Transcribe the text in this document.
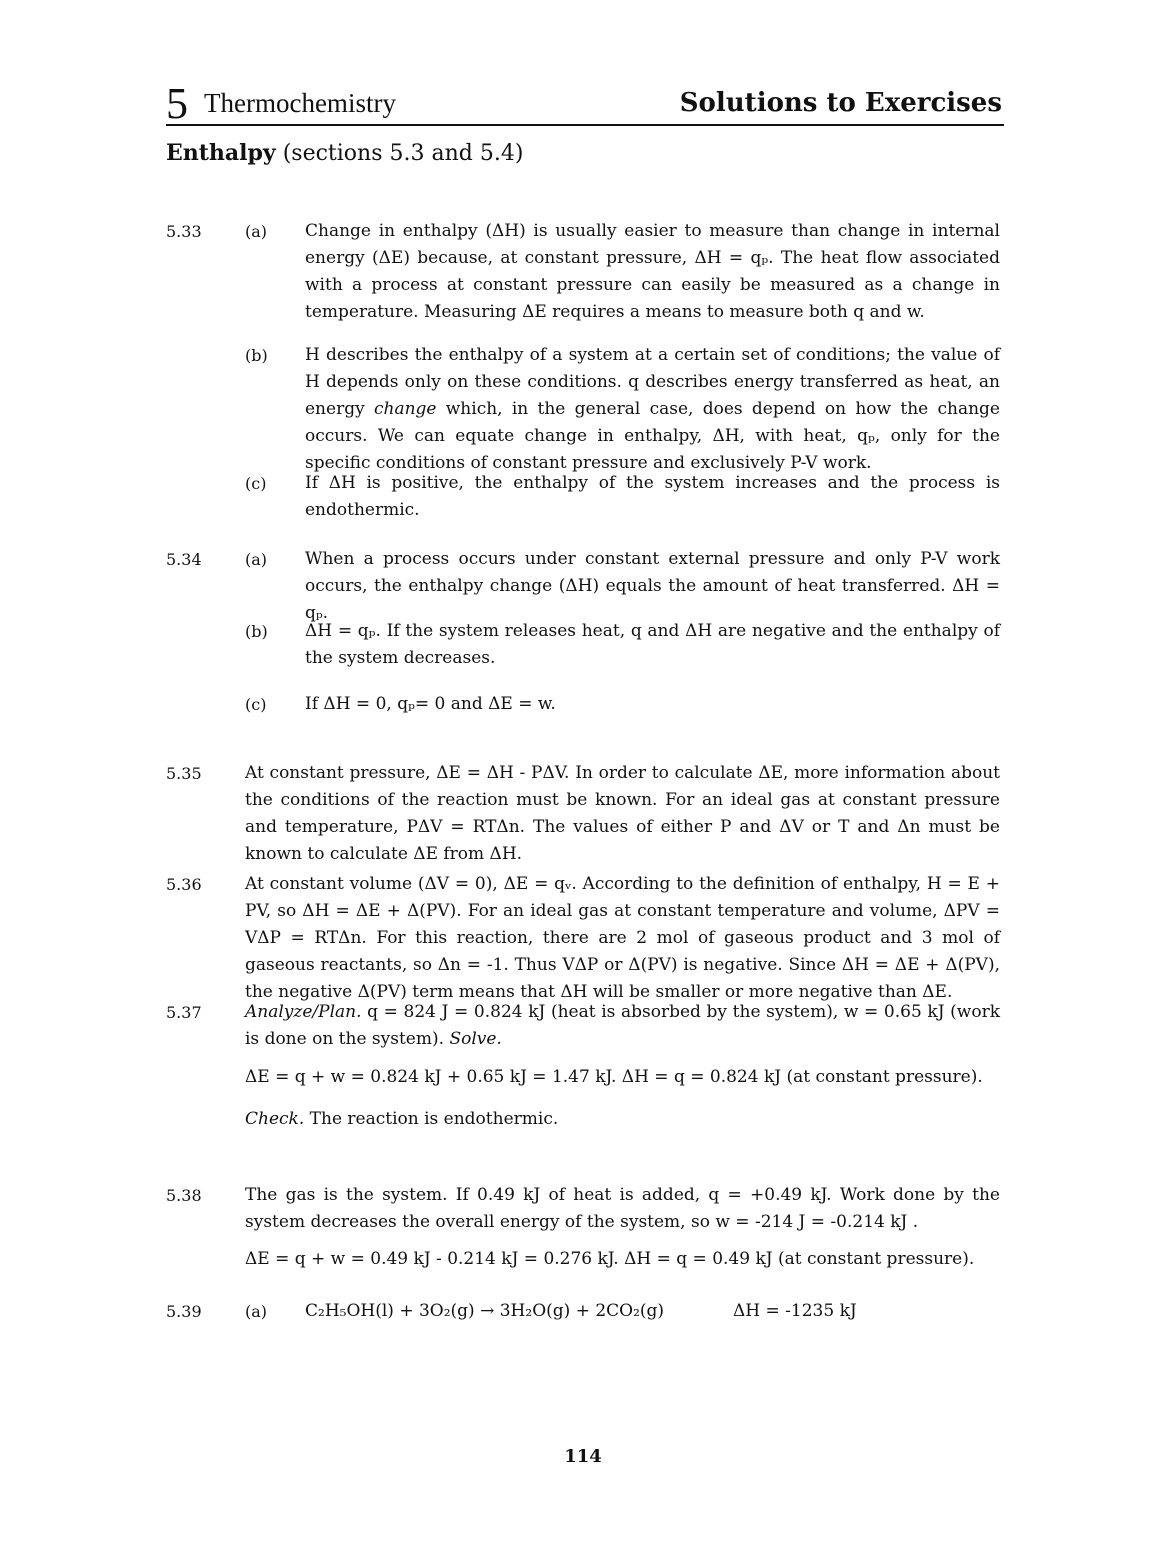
5 Thermochemistry	Solutions to Exercises
Enthalpy (sections 5.3 and 5.4)
5.33	(a) Change in enthalpy (ΔH) is usually easier to measure than change in internal energy (ΔE) because, at constant pressure, ΔH = qₚ. The heat flow associated with a process at constant pressure can easily be measured as a change in temperature. Measuring ΔE requires a means to measure both q and w.
(b) H describes the enthalpy of a system at a certain set of conditions; the value of H depends only on these conditions. q describes energy transferred as heat, an energy change which, in the general case, does depend on how the change occurs. We can equate change in enthalpy, ΔH, with heat, qₚ, only for the specific conditions of constant pressure and exclusively P-V work.
(c) If ΔH is positive, the enthalpy of the system increases and the process is endothermic.
5.34	(a) When a process occurs under constant external pressure and only P-V work occurs, the enthalpy change (ΔH) equals the amount of heat transferred. ΔH = qₚ.
(b) ΔH = qₚ. If the system releases heat, q and ΔH are negative and the enthalpy of the system decreases.
(c) If ΔH = 0, qₚ= 0 and ΔE = w.
5.35	At constant pressure, ΔE = ΔH - PΔV. In order to calculate ΔE, more information about the conditions of the reaction must be known. For an ideal gas at constant pressure and temperature, PΔV = RTΔn. The values of either P and ΔV or T and Δn must be known to calculate ΔE from ΔH.
5.36	At constant volume (ΔV = 0), ΔE = qᵥ. According to the definition of enthalpy, H = E + PV, so ΔH = ΔE + Δ(PV). For an ideal gas at constant temperature and volume, ΔPV = VΔP = RTΔn. For this reaction, there are 2 mol of gaseous product and 3 mol of gaseous reactants, so Δn = -1. Thus VΔP or Δ(PV) is negative. Since ΔH = ΔE + Δ(PV), the negative Δ(PV) term means that ΔH will be smaller or more negative than ΔE.
5.37	Analyze/Plan. q = 824 J = 0.824 kJ (heat is absorbed by the system), w = 0.65 kJ (work is done on the system). Solve.
ΔE = q + w = 0.824 kJ + 0.65 kJ = 1.47 kJ. ΔH = q = 0.824 kJ (at constant pressure).
Check. The reaction is endothermic.
5.38	The gas is the system. If 0.49 kJ of heat is added, q = +0.49 kJ. Work done by the system decreases the overall energy of the system, so w = -214 J = -0.214 kJ .
ΔE = q + w = 0.49 kJ - 0.214 kJ = 0.276 kJ. ΔH = q = 0.49 kJ (at constant pressure).
5.39	(a) C₂H₅OH(l) + 3O₂(g) → 3H₂O(g) + 2CO₂(g)	ΔH = -1235 kJ
114
